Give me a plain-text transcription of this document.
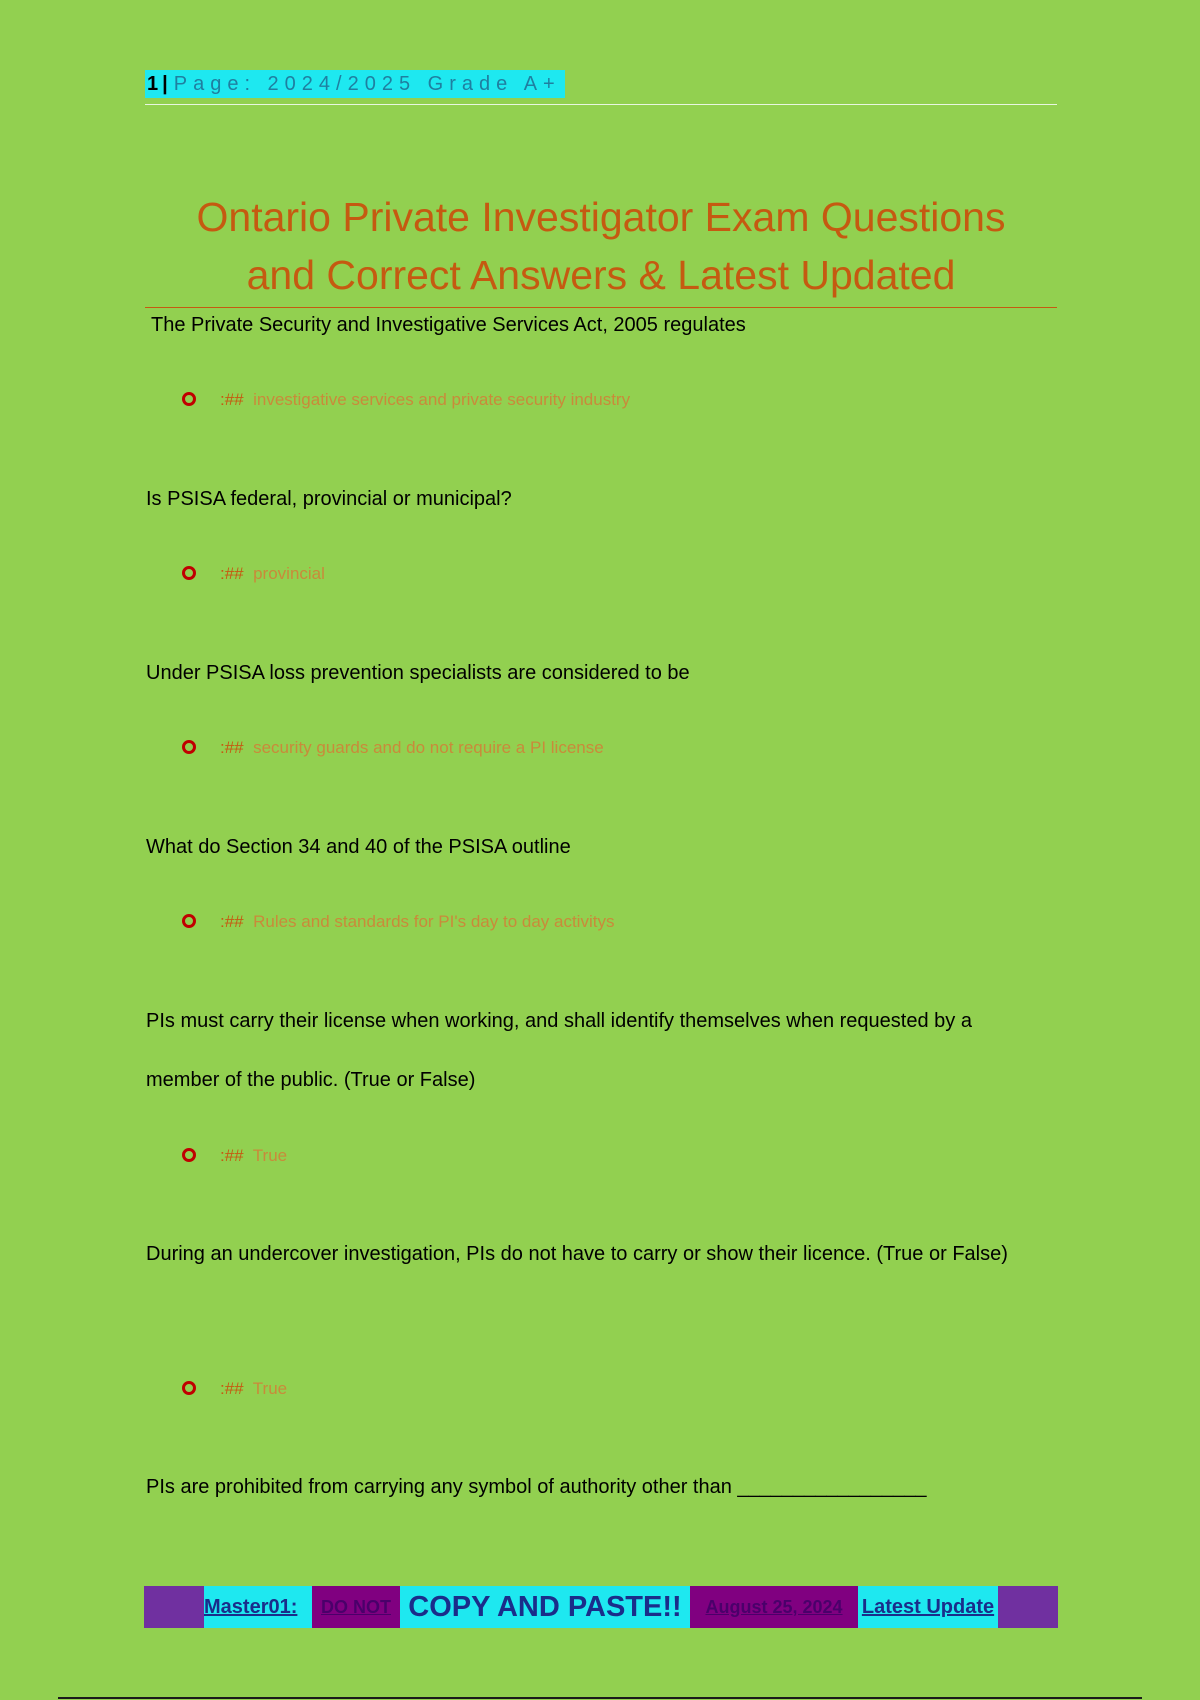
1 | Page: 2024/2025 Grade A+
Ontario Private Investigator Exam Questions
and Correct Answers & Latest Updated
The Private Security and Investigative Services Act, 2005 regulates
:## investigative services and private security industry
Is PSISA federal, provincial or municipal?
:## provincial
Under PSISA loss prevention specialists are considered to be
:## security guards and do not require a PI license
What do Section 34 and 40 of the PSISA outline
:## Rules and standards for PI's day to day activitys
PIs must carry their license when working, and shall identify themselves when requested by a member of the public. (True or False)
:## True
During an undercover investigation, PIs do not have to carry or show their licence. (True or False)
:## True
PIs are prohibited from carrying any symbol of authority other than _________________
Master01:	DO NOT COPY AND PASTE!!	August 25, 2024 Latest Update
